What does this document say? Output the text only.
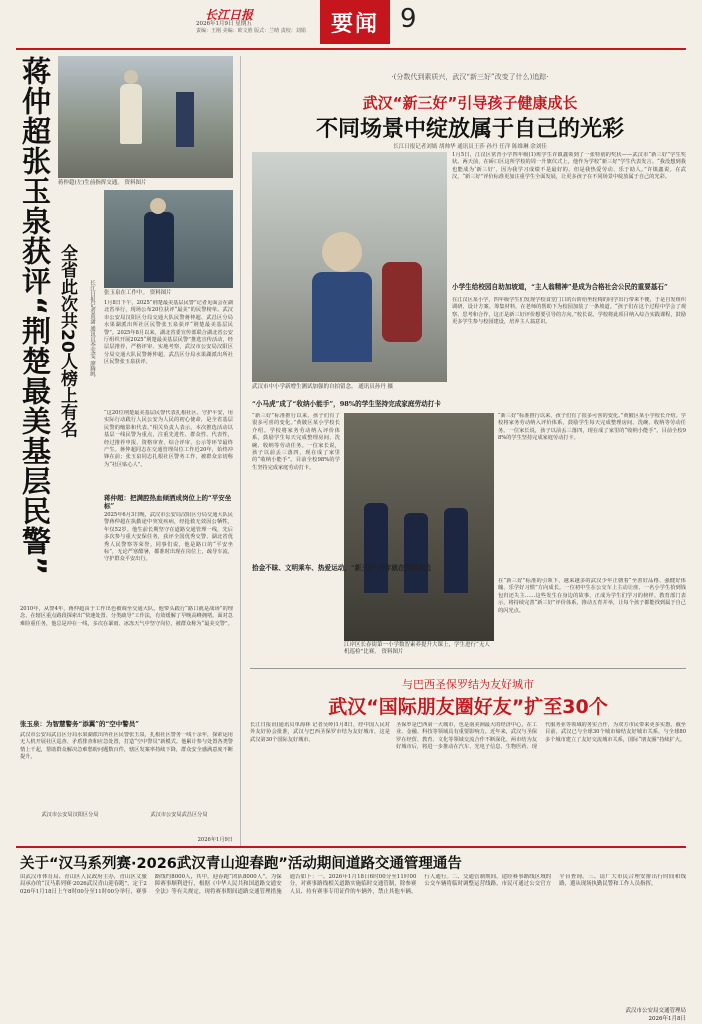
长江日报
2026年1月9日 星期五
责编：王刚 美编：欧文胜 版式：兰晴 责校：刘娟	要闻 9
蒋仲超张玉泉获评“荆楚最美基层民警” 全省此次共20人榜上有名	长江日报记者黄潇 通讯员李雯雯 廖腾鸣
蒋仲超(左)生前指挥交通。 资料图片
张玉泉在工作中。 资料图片
1月8日下午，2025“荆楚最美基层民警”记者见面会在湖北省举行，现场公布20位获评“最美”的民警榜单。武汉市公安局汉阳区分局交通大队民警蒋仲超、武昌区分局水果湖派出所社区民警张玉泉获评“荆楚最美基层民警”。2025年8月以来，湖北省委宣传部联合湖北省公安厅组织开展2025“荆楚最美基层民警”推选宣传活动，经层层推荐，严格评审、实地考察，武汉市公安局汉阳区分局交通大队民警蒋仲超、武昌区分局水果湖派出所社区民警张玉泉获评。
“这20位荆楚最美基层民警代表扎根社区、守护平安，用实际行动践行人民公安为人民的初心使命，是全省基层民警的缩影和代表。”相关负责人表示。本次推选活动以基层一线民警为重点，注重先进性、群众性、代表性，经过推荐申报、资格审查、综合评审、公示等环节最终产生。蒋仲超同志在交通管理岗位工作近20年，始终冲锋在前；张玉泉同志扎根社区警务工作，被群众亲切称为“社区贴心人”。
蒋仲超：把满腔热血倾洒成岗位上的“平安坐标”
2025年6月3日晚，武汉市公安局汉阳区分局交通大队民警蒋仲超在执勤途中突发疾病，经抢救无效因公牺牲，年仅52岁。他生前长期坚守在道路交通管理一线，先后多次参与重大安保任务，获评全国优秀交警、湖北省优秀人民警察等荣誉。同事们说，他是路口的“平安坐标”，无论严寒酷暑，都准时出现在岗位上，疏导车流，守护群众平安出行。
2010年，从警4年，蒋仲超由于工作出色被调至交通大队。他带头践行“路口就是战场”的理念，在辖区重点路段探索出“快速处置、分类疏导”工作法，有效缓解了早晚高峰拥堵。面对急难险重任务，他总是冲在一线，多次在暴雨、冰冻天气中坚守岗位，被群众称为“最美交警”。
张玉泉：为智慧警务“添翼”的“空中警员”
武汉市公安局武昌区分局水果湖派出所社区民警张玉泉，扎根社区警务一线十余年，探索运用无人机开展社区巡查、矛盾排查和应急处置，打造“空中警员”新模式。他累计参与处置各类警情上千起，帮助群众解决急难愁盼问题数百件，辖区发案率持续下降，群众安全感满意度不断提升。
武汉市公安局汉阳区分局	武汉市公安局武昌区分局
2026年1月9日
·(分数代到素质兴，武汉“新三好”改变了什么)追踪·
武汉“新三好”引导孩子健康成长
不同场景中绽放属于自己的光彩
长江日报记者刘嫣 胡帅华 通讯员王莎 孙丹 任洋 陈维琳 余刘佳
武汉市中小学新增生测试加强的自拍留念。 通讯员孙丹 摄
1月5日，江汉区常青小学四年级(1)班学生许镇鑫领到了一张特别的奖状——武汉市“新三好”学生奖状。两天前，在硚口区这所学校的周一升旗仪式上，他作为学校“新三好”学生代表发言。“我没想到我也能成为‘新三好’，因为我学习成绩不是最好的，但是我热爱劳动、乐于助人。”许镇鑫说。在武汉，“新三好”评价标准更加注重学生全面发展，让更多孩子在不同场景中绽放属于自己的光彩。
小学生给校园自助加坡道，“主人翁精神”是成为合格社会公民的重要基石”
在江汉区某小学，四年级学生们发现学校食堂门口的台阶给坐轮椅的同学出行带来不便，于是自发组织调研、设计方案、筹集材料，在老师的帮助下为校园加装了一条坡道。“孩子们在这个过程中学会了观察、思考和合作，这正是新三好评价想要引导的方向。”校长说。学校将此项目纳入综合实践课程，鼓励更多学生参与校园建设，培养主人翁意识。
“小马虎”成了“收纳小能手”，98%的学生坚持完成家庭劳动打卡
“新三好”标准推行以来，孩子们有了很多可喜的变化。”黄陂区某小学校长介绍。学校将家务劳动纳入评价体系，鼓励学生每天完成整理房间、洗碗、收纳等劳动任务。一位家长说，孩子以前丢三落四，现在成了家里的“收纳小能手”。目前全校98%的学生坚持完成家庭劳动打卡。
江岸区长春街第一小学数智素养提升大课上，学生进行“无人机巡检”比赛。 资料图片
拾金不昧、文明乘车、热爱运动，“新三好”少年就在同学身边
“新三好”标准推行以来，孩子们有了很多可喜的变化。”黄陂区某小学校长介绍。学校将家务劳动纳入评价体系，鼓励学生每天完成整理房间、洗碗、收纳等劳动任务。一位家长说，孩子以前丢三落四，现在成了家里的“收纳小能手”。目前全校98%的学生坚持完成家庭劳动打卡。
在“新三好”标准的引领下，越来越多的武汉少年正朝着“至善好品格、强健好体魄、乐学好习惯”方向成长。一位初中生在公交车上主动让座、一名小学生拾到钱包归还失主……这些发生在身边的故事，正成为学生们学习的榜样。教育部门表示，将持续完善“新三好”评价体系，推动五育并举，让每个孩子都能找到属于自己的闪光点。
与巴西圣保罗结为友好城市
武汉“国际朋友圈好友”扩至30个
长江日报讯(通讯员单海林 记者吴岭)1月8日，经中国人民对外友好协会批准，武汉与巴西圣保罗市结为友好城市，这是武汉第30个国际友好城市。
圣保罗是巴西第一大城市，也是南美洲最大的经济中心，在工业、金融、科技等领域具有重要影响力。近年来，武汉与圣保罗在经贸、教育、文化等领域交流合作不断深化。两市结为友好城市后，将进一步推动在汽车、光电子信息、生物医药、现代服务业等领域的务实合作，为双方市民带来更多实惠。截至目前，武汉已与全球30个城市缔结友好城市关系，与全球80多个城市建立了友好交流城市关系，国际“朋友圈”持续扩大。
关于“汉马系列赛·2026武汉青山迎春跑”活动期间道路交通管理通告
由武汉市体育局、青山区人民政府主办，青山区文旅局承办的“汉马系列赛·2026武汉青山迎春跑”，定于2026年1月18日上午8时00分至11时00分举行，赛事路线约8000人，其中，迎春跑“团队8000人”。为保障赛事顺利进行，根据《中华人民共和国道路交通安全法》等有关规定，现将赛事期间道路交通管理措施通告如下：一、2026年1月18日6时00分至11时00分，对赛事路线相关道路实施临时交通管制，除参赛人员、持有赛事专用证件的车辆外，禁止其他车辆、行人通行。二、交通管制期间，途经赛事路线区域的公交车辆将临时调整运营线路，市民可通过公交官方平台查询。三、请广大市民合理安排出行时间和线路，遵从现场执勤民警和工作人员指挥。
武汉市公安局交通管理局
2026年1月8日
